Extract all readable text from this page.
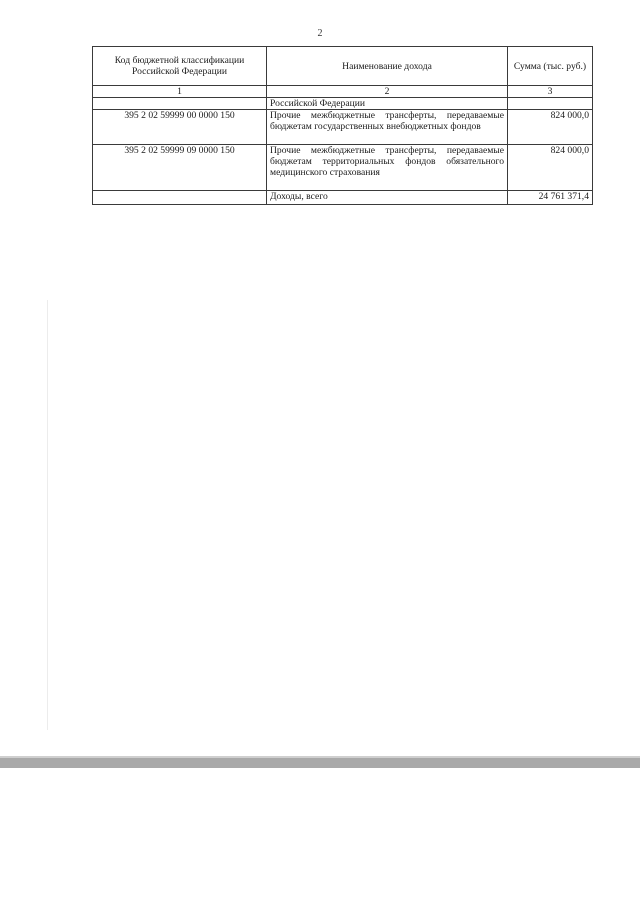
2
Код бюджетной классификации Российской Федерации	Наименование дохода	Сумма (тыс. руб.)
1	2	3
	Российской Федерации	
395 2 02 59999 00 0000 150	Прочие межбюджетные трансферты, передаваемые бюджетам государственных внебюджетных фондов	824 000,0
395 2 02 59999 09 0000 150	Прочие межбюджетные трансферты, передаваемые бюджетам территориальных фондов обязательного медицинского страхования	824 000,0
	Доходы, всего	24 761 371,4
